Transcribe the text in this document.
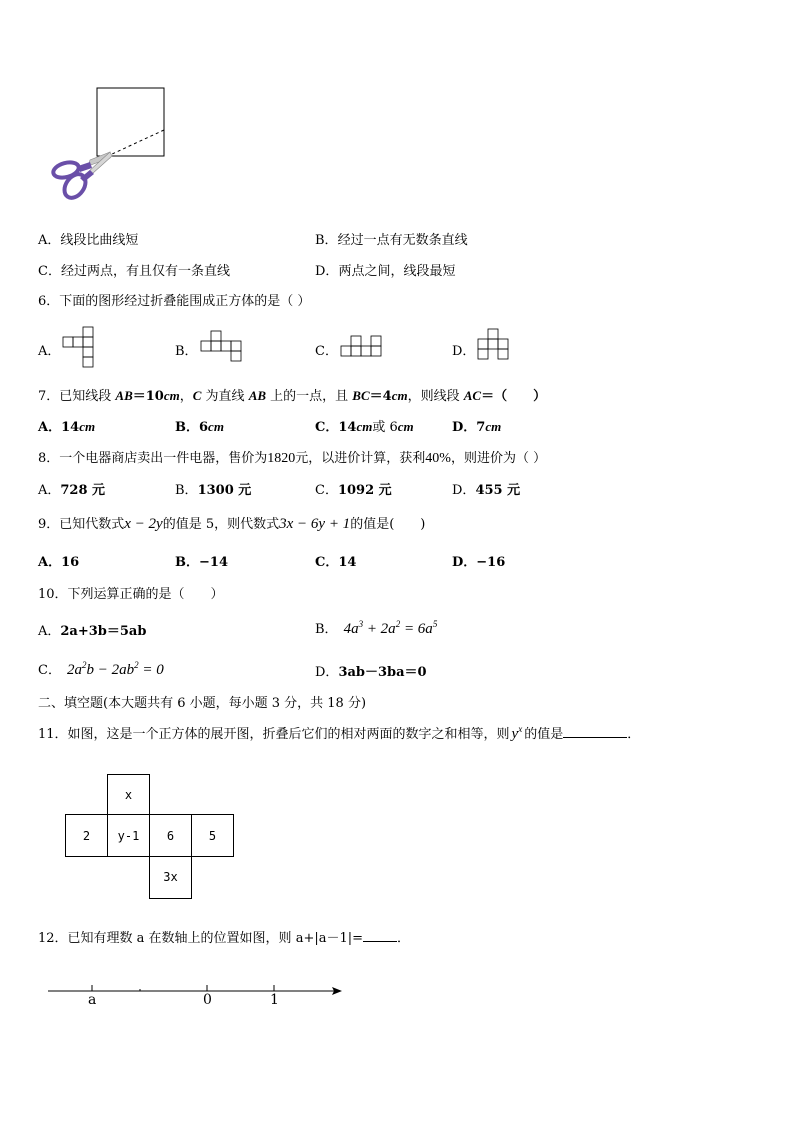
A．线段比曲线短	B．经过一点有无数条直线
C．经过两点，有且仅有一条直线	D．两点之间，线段最短
6．下面的图形经过折叠能围成正方体的是（ ）
A．	B．	C．	D．
7．已知线段 AB＝10cm，C 为直线 AB 上的一点，且 BC＝4cm，则线段 AC＝（　　）
A．14cm	B．6cm	C．14cm或 6cm	D．7cm
8．一个电器商店卖出一件电器，售价为1820元，以进价计算，获利40%，则进价为（ ）
A．728 元	B．1300 元	C．1092 元	D．455 元
9．已知代数式x − 2y的值是 5，则代数式3x − 6y + 1的值是(　　)
A．16	B．−14	C．14	D．−16
10．下列运算正确的是（　　）
A．2a+3b＝5ab	B． $4a^3 + 2a^2 = 6a^5$
C． $2a^2b - 2ab^2 = 0$	D．3ab－3ba＝0
二、填空题(本大题共有 6 小题，每小题 3 分，共 18 分)
11．如图，这是一个正方体的展开图，折叠后它们的相对两面的数字之和相等，则 $y^x$ 的值是	．
x
2	y-1	6	5
3x
12．已知有理数 a 在数轴上的位置如图，则 a+|a－1|=	．
a	0	1
